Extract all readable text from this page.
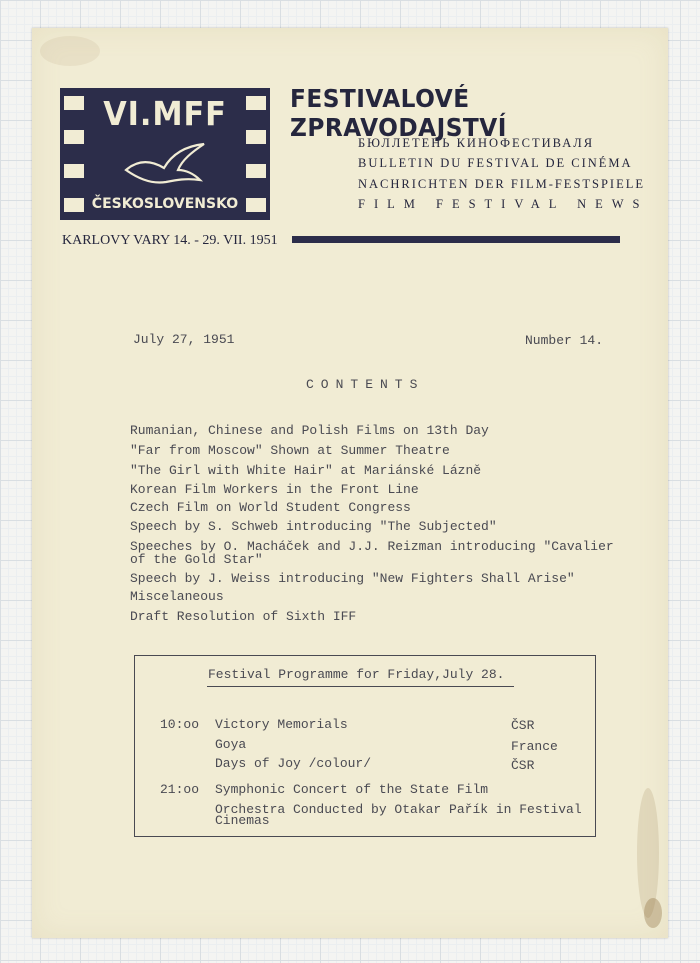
VI.MFF
ČESKOSLOVENSKO
FESTIVALOVÉ ZPRAVODAJSTVÍ
БЮЛЛЕТЕНЬ КИНОФЕСТИВАЛЯ
BULLETIN DU FESTIVAL DE CINÉMA
NACHRICHTEN DER FILM-FESTSPIELE
FILM FESTIVAL NEWS
KARLOVY VARY 14. - 29. VII. 1951
July 27, 1951	Number 14.
CONTENTS
Rumanian, Chinese and Polish Films on 13th Day
"Far from Moscow" Shown at Summer Theatre
"The Girl with White Hair" at Mariánské Lázně
Korean Film Workers in the Front Line
Czech Film on World Student Congress
Speech by S. Schweb introducing "The Subjected"
Speeches by O. Macháček and J.J. Reizman introducing "Cavalier
of the Gold Star"
Speech by J. Weiss introducing "New Fighters Shall Arise"
Miscelaneous
Draft Resolution of Sixth IFF
Festival Programme for Friday,July 28.
10:oo Victory Memorials	ČSR
Goya	France
Days of Joy /colour/	ČSR
21:oo Symphonic Concert of the State Film
Orchestra Conducted by Otakar Pařík in Festival
Cinemas
